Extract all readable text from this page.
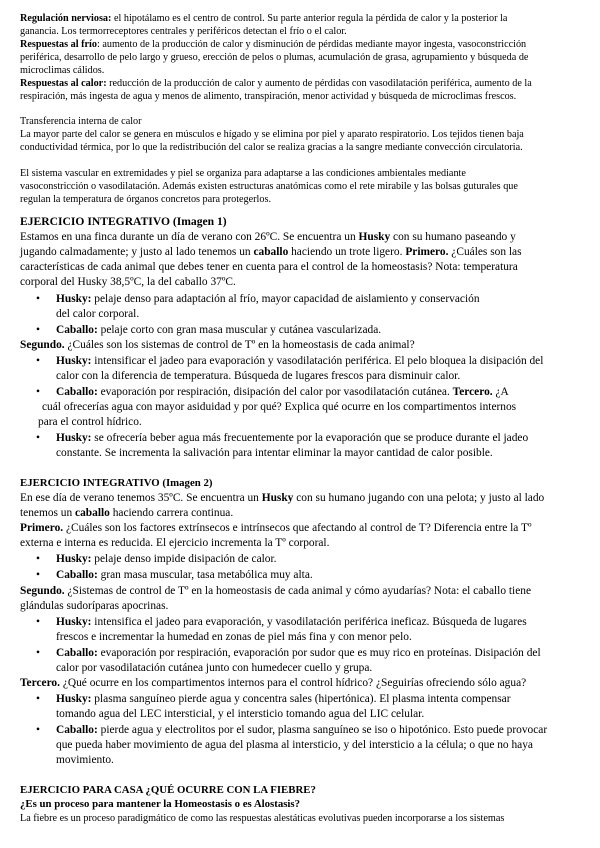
Regulación nerviosa: el hipotálamo es el centro de control. Su parte anterior regula la pérdida de calor y la posterior la
ganancia. Los termorreceptores centrales y periféricos detectan el frío o el calor.
Respuestas al frío: aumento de la producción de calor y disminución de pérdidas mediante mayor ingesta, vasoconstricción
periférica, desarrollo de pelo largo y grueso, erección de pelos o plumas, acumulación de grasa, agrupamiento y búsqueda de
microclimas cálidos.
Respuestas al calor: reducción de la producción de calor y aumento de pérdidas con vasodilatación periférica, aumento de la
respiración, más ingesta de agua y menos de alimento, transpiración, menor actividad y búsqueda de microclimas frescos.
Transferencia interna de calor
La mayor parte del calor se genera en músculos e hígado y se elimina por piel y aparato respiratorio. Los tejidos tienen baja
conductividad térmica, por lo que la redistribución del calor se realiza gracias a la sangre mediante convección circulatoria.
El sistema vascular en extremidades y piel se organiza para adaptarse a las condiciones ambientales mediante
vasoconstricción o vasodilatación. Además existen estructuras anatómicas como el rete mirabile y las bolsas guturales que
regulan la temperatura de órganos concretos para protegerlos.
EJERCICIO INTEGRATIVO (Imagen 1)
Estamos en una finca durante un día de verano con 26ºC. Se encuentra un Husky con su humano paseando y
jugando calmadamente; y justo al lado tenemos un caballo haciendo un trote ligero. Primero. ¿Cuáles son las
características de cada animal que debes tener en cuenta para el control de la homeostasis? Nota: temperatura
corporal del Husky 38,5ºC, la del caballo 37ºC.
• Husky: pelaje denso para adaptación al frío, mayor capacidad de aislamiento y conservación
del calor corporal.
• Caballo: pelaje corto con gran masa muscular y cutánea vascularizada.
Segundo. ¿Cuáles son los sistemas de control de Tº en la homeostasis de cada animal?
• Husky: intensificar el jadeo para evaporación y vasodilatación periférica. El pelo bloquea la disipación del
calor con la diferencia de temperatura. Búsqueda de lugares frescos para disminuir calor.
• Caballo: evaporación por respiración, disipación del calor por vasodilatación cutánea. Tercero. ¿A
cuál ofrecerías agua con mayor asiduidad y por qué? Explica qué ocurre en los compartimentos internos
para el control hídrico.
• Husky: se ofrecería beber agua más frecuentemente por la evaporación que se produce durante el jadeo
constante. Se incrementa la salivación para intentar eliminar la mayor cantidad de calor posible.
EJERCICIO INTEGRATIVO (Imagen 2)
En ese día de verano tenemos 35ºC. Se encuentra un Husky con su humano jugando con una pelota; y justo al lado
tenemos un caballo haciendo carrera continua.
Primero. ¿Cuáles son los factores extrínsecos e intrínsecos que afectando al control de T? Diferencia entre la Tº
externa e interna es reducida. El ejercicio incrementa la Tº corporal.
• Husky: pelaje denso impide disipación de calor.
• Caballo: gran masa muscular, tasa metabólica muy alta.
Segundo. ¿Sistemas de control de Tº en la homeostasis de cada animal y cómo ayudarías? Nota: el caballo tiene
glándulas sudoríparas apocrinas.
• Husky: intensifica el jadeo para evaporación, y vasodilatación periférica ineficaz. Búsqueda de lugares
frescos e incrementar la humedad en zonas de piel más fina y con menor pelo.
• Caballo: evaporación por respiración, evaporación por sudor que es muy rico en proteínas. Disipación del
calor por vasodilatación cutánea junto con humedecer cuello y grupa.
Tercero. ¿Qué ocurre en los compartimentos internos para el control hídrico? ¿Seguirías ofreciendo sólo agua?
• Husky: plasma sanguíneo pierde agua y concentra sales (hipertónica). El plasma intenta compensar
tomando agua del LEC intersticial, y el intersticio tomando agua del LIC celular.
• Caballo: pierde agua y electrolitos por el sudor, plasma sanguíneo se iso o hipotónico. Esto puede provocar
que pueda haber movimiento de agua del plasma al intersticio, y del intersticio a la célula; o que no haya
movimiento.
EJERCICIO PARA CASA ¿QUÉ OCURRE CON LA FIEBRE?
¿Es un proceso para mantener la Homeostasis o es Alostasis?
La fiebre es un proceso paradigmático de como las respuestas alestáticas evolutivas pueden incorporarse a los sistemas
